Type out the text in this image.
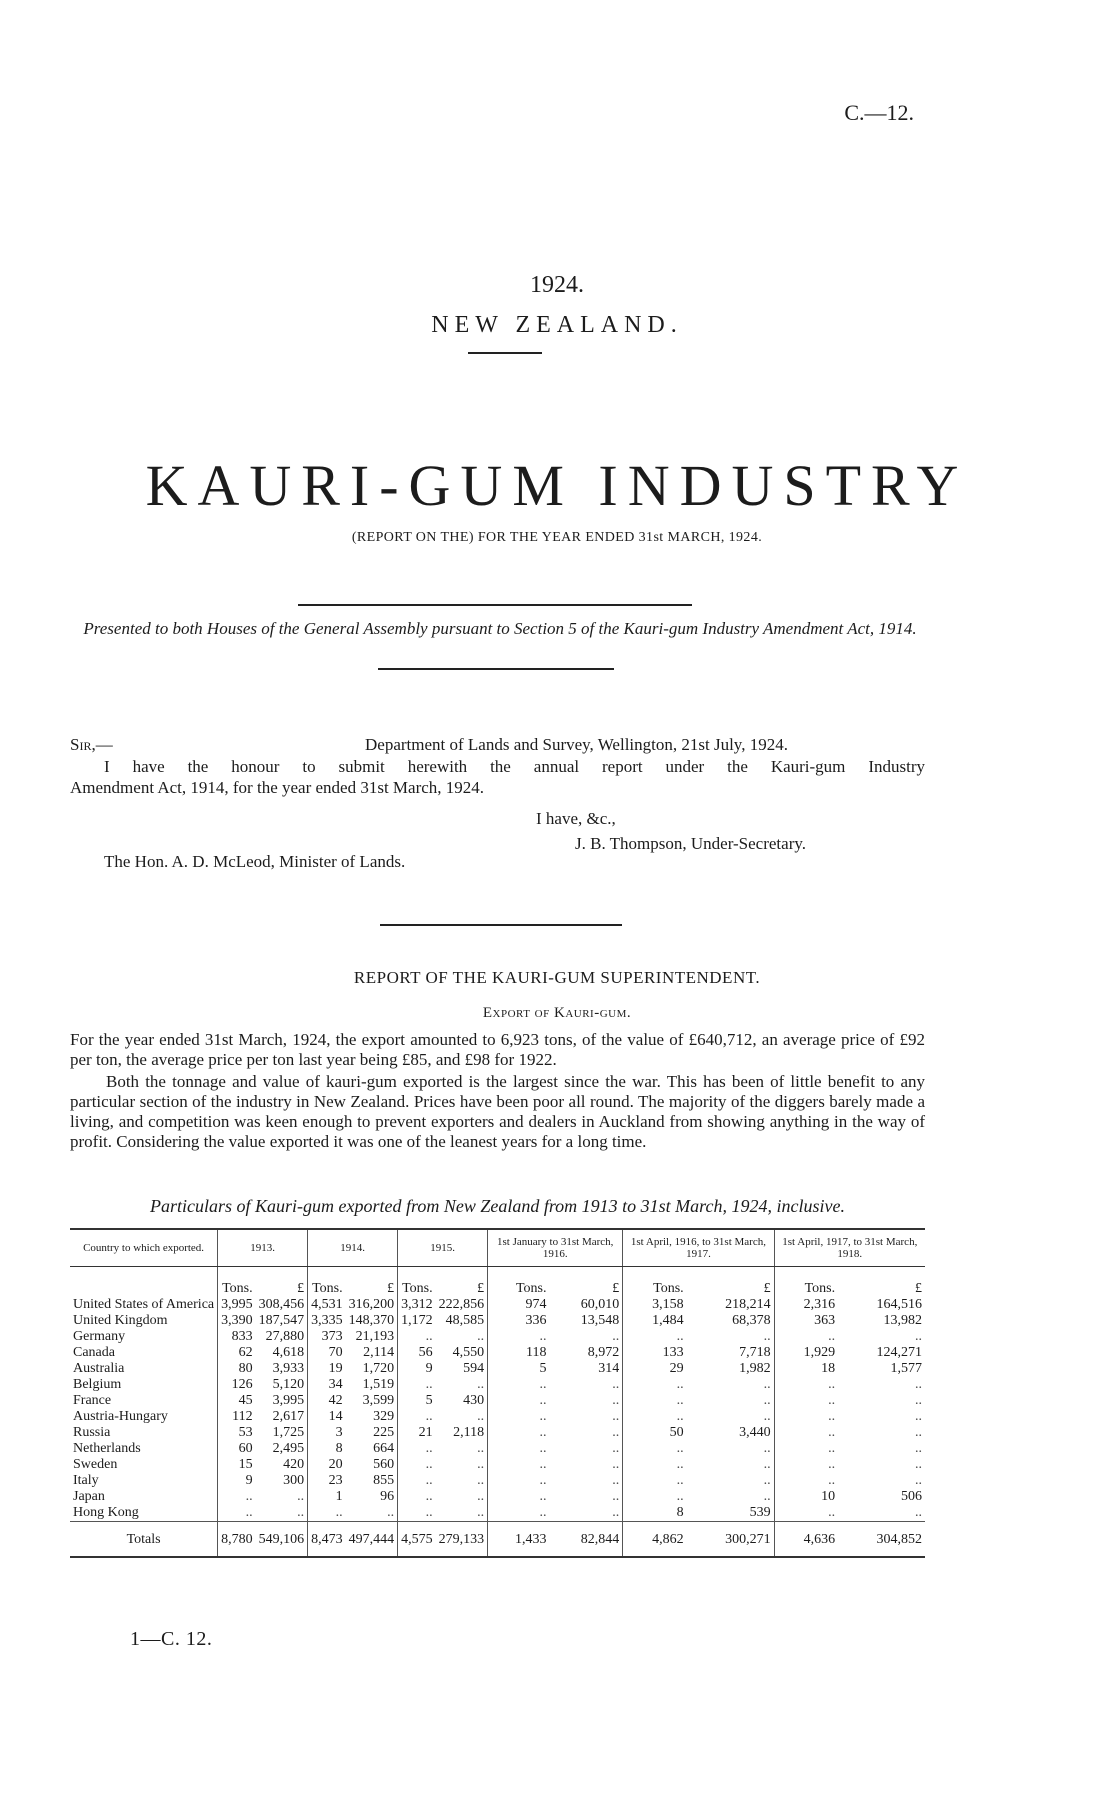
C.—12.
1924.
NEW ZEALAND.
KAURI-GUM INDUSTRY
(REPORT ON THE) FOR THE YEAR ENDED 31st MARCH, 1924.
Presented to both Houses of the General Assembly pursuant to Section 5 of the Kauri-gum Industry Amendment Act, 1914.
Sir,—	Department of Lands and Survey, Wellington, 21st July, 1924.
I have the honour to submit herewith the annual report under the Kauri-gum Industry
Amendment Act, 1914, for the year ended 31st March, 1924.
I have, &c.,
J. B. Thompson, Under-Secretary.
The Hon. A. D. McLeod, Minister of Lands.
REPORT OF THE KAURI-GUM SUPERINTENDENT.
Export of Kauri-gum.
For the year ended 31st March, 1924, the export amounted to 6,923 tons, of the value of £640,712, an average price of £92 per ton, the average price per ton last year being £85, and £98 for 1922.
Both the tonnage and value of kauri-gum exported is the largest since the war. This has been of little benefit to any particular section of the industry in New Zealand. Prices have been poor all round. The majority of the diggers barely made a living, and competition was keen enough to prevent exporters and dealers in Auckland from showing anything in the way of profit. Considering the value exported it was one of the leanest years for a long time.
Particulars of Kauri-gum exported from New Zealand from 1913 to 31st March, 1924, inclusive.
Country to which exported.	1913.		1914.		1915.		1st January to 31st March, 1916.		1st April, 1916, to 31st March, 1917.		1st April, 1917, to 31st March, 1918.	
	Tons.	£	Tons.	£	Tons.	£	Tons.	£	Tons.	£	Tons.	£
United States of America	3,995	308,456	4,531	316,200	3,312	222,856	974	60,010	3,158	218,214	2,316	164,516
United Kingdom	3,390	187,547	3,335	148,370	1,172	48,585	336	13,548	1,484	68,378	363	13,982
Germany	833	27,880	373	21,193	..	..	..	..	..	..	..	..
Canada	62	4,618	70	2,114	56	4,550	118	8,972	133	7,718	1,929	124,271
Australia	80	3,933	19	1,720	9	594	5	314	29	1,982	18	1,577
Belgium	126	5,120	34	1,519	..	..	..	..	..	..	..	..
France	45	3,995	42	3,599	5	430	..	..	..	..	..	..
Austria-Hungary	112	2,617	14	329	..	..	..	..	..	..	..	..
Russia	53	1,725	3	225	21	2,118	..	..	50	3,440	..	..
Netherlands	60	2,495	8	664	..	..	..	..	..	..	..	..
Sweden	15	420	20	560	..	..	..	..	..	..	..	..
Italy	9	300	23	855	..	..	..	..	..	..	..	..
Japan	..	..	1	96	..	..	..	..	..	..	10	506
Hong Kong	..	..	..	..	..	..	..	..	8	539	..	..
Totals	8,780	549,106	8,473	497,444	4,575	279,133	1,433	82,844	4,862	300,271	4,636	304,852
1—C. 12.
